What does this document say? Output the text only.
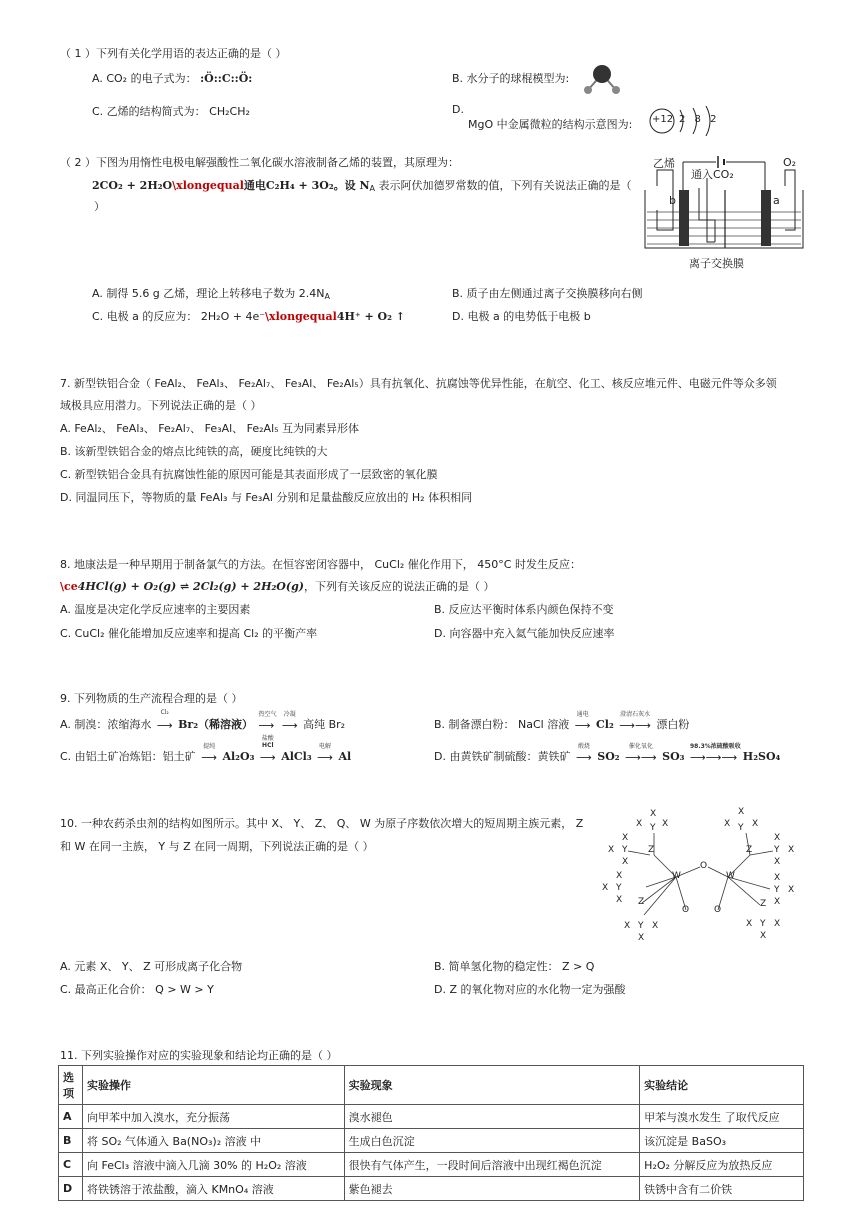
（ 1 ）下列有关化学用语的表达正确的是（ ）
A. CO₂ 的电子式为： :Ö::C::Ö:	B. 水分子的球棍模型为:
C. 乙烯的结构简式为： CH₂CH₂	D.
MgO 中金属微粒的结构示意图为: +12 2 8 2
（ 2 ）下图为用惰性电极电解强酸性二氧化碳水溶液制备乙烯的装置，其原理为：
2CO₂ + 2H₂O\xlongequal通电C₂H₄ + 3O₂。设 $N_A$ 表示阿伏加德罗常数的值，下列有关说法正确的是（
）
乙烯
通入CO₂
O₂
b	a
离子交换膜
A. 制得 5.6 g 乙烯，理论上转移电子数为 $2.4N_A$	B. 质子由左侧通过离子交换膜移向右侧
C. 电极 a 的反应为： 2H₂O + 4e⁻\xlongequal4H⁺ + O₂ ↑	D. 电极 a 的电势低于电极 b
7. 新型铁铝合金（ FeAl₂、 FeAl₃、 Fe₂Al₇、 Fe₃Al、 Fe₂Al₅）具有抗氧化、抗腐蚀等优异性能，在航空、化工、核反应堆元件、电磁元件等众多领
域极具应用潜力。下列说法正确的是（ ）
A. FeAl₂、 FeAl₃、 Fe₂Al₇、 Fe₃Al、 Fe₂Al₅ 互为同素异形体
B. 该新型铁铝合金的熔点比纯铁的高，硬度比纯铁的大
C. 新型铁铝合金具有抗腐蚀性能的原因可能是其表面形成了一层致密的氧化膜
D. 同温同压下，等物质的量 FeAl₃ 与 Fe₃Al 分别和足量盐酸反应放出的 H₂ 体积相同
8. 地康法是一种早期用于制备氯气的方法。在恒容密闭容器中， CuCl₂ 催化作用下， 450°C 时发生反应：
\ce4HCl(g) + O₂(g) ⇌ 2Cl₂(g) + 2H₂O(g)，下列有关该反应的说法正确的是（ ）
A. 温度是决定化学反应速率的主要因素	B. 反应达平衡时体系内颜色保持不变
C. CuCl₂ 催化能增加反应速率和提高 Cl₂ 的平衡产率	D. 向容器中充入氦气能加快反应速率
9. 下列物质的生产流程合理的是（ ）
A. 制溴：浓缩海水
Cl₂
⟶ Br₂（稀溶液）
热空气
⟶
冷凝
⟶ 高纯 Br₂	B. 制备漂白粉： NaCl 溶液
通电
⟶ Cl₂
澄清石灰水
⟶⟶ 漂白粉
C. 由铝土矿冶炼铝：铝土矿
提纯
⟶ Al₂O₃
盐酸
HCl
⟶ AlCl₃
电解
⟶ Al	D. 由黄铁矿制硫酸：黄铁矿
煅烧
⟶ SO₂
催化氧化
⟶⟶ SO₃
98.3%浓硫酸吸收
⟶⟶⟶ H₂SO₄
10. 一种农药杀虫剂的结构如图所示。其中 X、 Y、 Z、 Q、 W 为原子序数依次增大的短周期主族元素， Z
和 W 在同一主族， Y 与 Z 在同一周期，下列说法正确的是（ ）	Z
Y
X
X
X
Y
X X
X
W
Y
X
X
X Z
Y
X X
X
O
O
W
O
Z
Y
X X
X
Y X
X
X
Y X
X
X
Z
Y
X X
X
A. 元素 X、 Y、 Z 可形成离子化合物	B. 简单氢化物的稳定性： Z > Q
C. 最高正化合价： Q > W > Y	D. Z 的氧化物对应的水化物一定为强酸
11. 下列实验操作对应的实验现象和结论均正确的是（ ）
选项	实验操作	实验现象	实验结论
A	向甲苯中加入溴水，充分振荡	溴水褪色	甲苯与溴水发生 了取代反应
B	将 SO₂ 气体通入 Ba(NO₃)₂ 溶液 中	生成白色沉淀	该沉淀是 BaSO₃
C	向 FeCl₃ 溶液中滴入几滴 30% 的 H₂O₂ 溶液	很快有气体产生，一段时间后溶液中出现红褐色沉淀	H₂O₂ 分解反应为放热反应
D	将铁锈溶于浓盐酸，滴入 KMnO₄ 溶液	紫色褪去	铁锈中含有二价铁
